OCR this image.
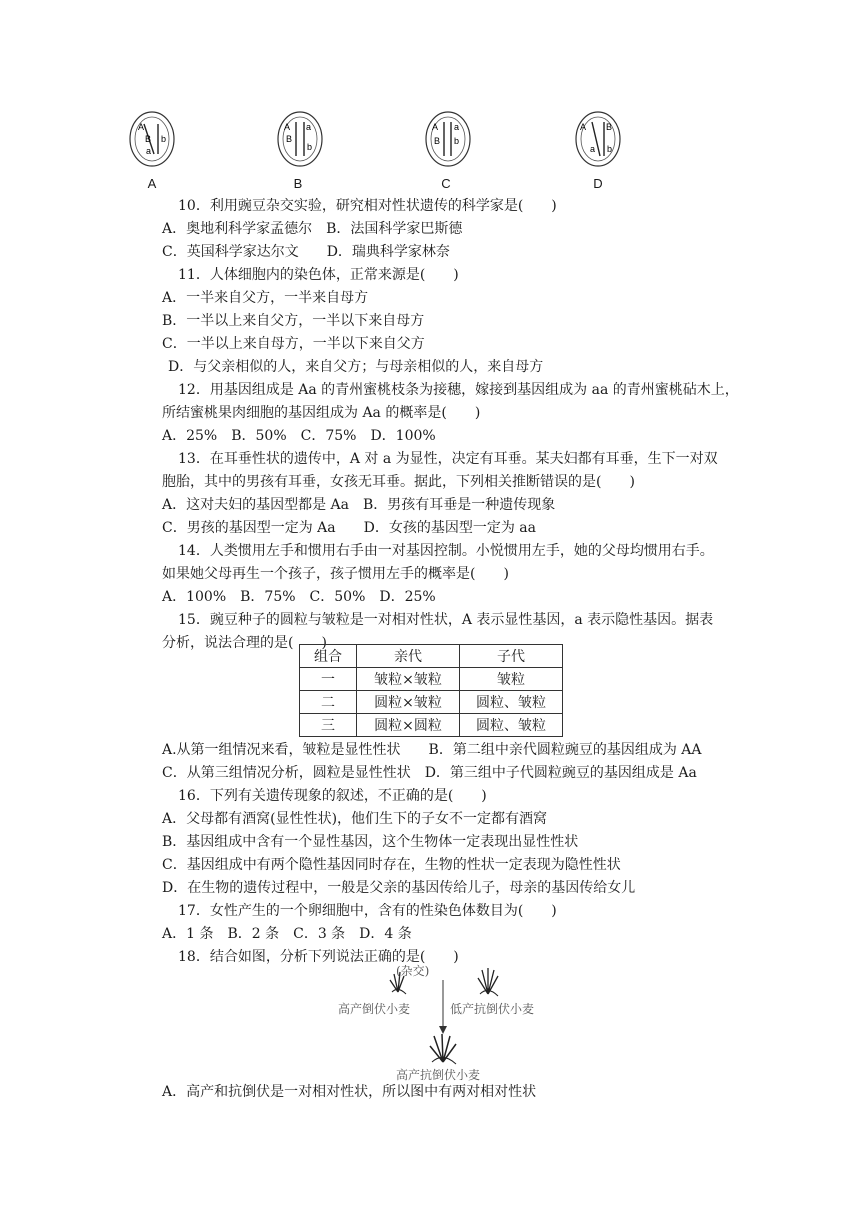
A
B b
a
A a
B
b
A a
B b
A B
a b
A	B	C	D
10．利用豌豆杂交实验，研究相对性状遗传的科学家是(　　)
A．奥地利科学家孟德尔　B．法国科学家巴斯德
C．英国科学家达尔文　　D．瑞典科学家林奈
11．人体细胞内的染色体，正常来源是(　　)
A．一半来自父方，一半来自母方
B．一半以上来自父方，一半以下来自母方
C．一半以上来自母方，一半以下来自父方
D．与父亲相似的人，来自父方；与母亲相似的人，来自母方
12．用基因组成是 Aa 的青州蜜桃枝条为接穗，嫁接到基因组成为 aa 的青州蜜桃砧木上，
所结蜜桃果肉细胞的基因组成为 Aa 的概率是(　　)
A．25%　B．50%　C．75%　D．100%
13．在耳垂性状的遗传中，A 对 a 为显性，决定有耳垂。某夫妇都有耳垂，生下一对双
胞胎，其中的男孩有耳垂，女孩无耳垂。据此，下列相关推断错误的是(　　)
A．这对夫妇的基因型都是 Aa　B．男孩有耳垂是一种遗传现象
C．男孩的基因型一定为 Aa　　D．女孩的基因型一定为 aa
14．人类惯用左手和惯用右手由一对基因控制。小悦惯用左手，她的父母均惯用右手。
如果她父母再生一个孩子，孩子惯用左手的概率是(　　)
A．100%　B．75%　C．50%　D．25%
15．豌豆种子的圆粒与皱粒是一对相对性状，A 表示显性基因，a 表示隐性基因。据表
分析，说法合理的是(　　)
组合	亲代	子代
一	皱粒×皱粒	皱粒
二	圆粒×皱粒	圆粒、皱粒
三	圆粒×圆粒	圆粒、皱粒
A.从第一组情况来看，皱粒是显性性状　　B．第二组中亲代圆粒豌豆的基因组成为 AA
C．从第三组情况分析，圆粒是显性性状　D．第三组中子代圆粒豌豆的基因组成是 Aa
16．下列有关遗传现象的叙述，不正确的是(　　)
A．父母都有酒窝(显性性状)，他们生下的子女不一定都有酒窝
B．基因组成中含有一个显性基因，这个生物体一定表现出显性性状
C．基因组成中有两个隐性基因同时存在，生物的性状一定表现为隐性性状
D．在生物的遗传过程中，一般是父亲的基因传给儿子，母亲的基因传给女儿
17．女性产生的一个卵细胞中，含有的性染色体数目为(　　)
A．1 条　B．2 条　C．3 条　D．4 条
18．结合如图，分析下列说法正确的是(　　)
(杂交)
高产倒伏小麦	低产抗倒伏小麦
高产抗倒伏小麦
A．高产和抗倒伏是一对相对性状，所以图中有两对相对性状
